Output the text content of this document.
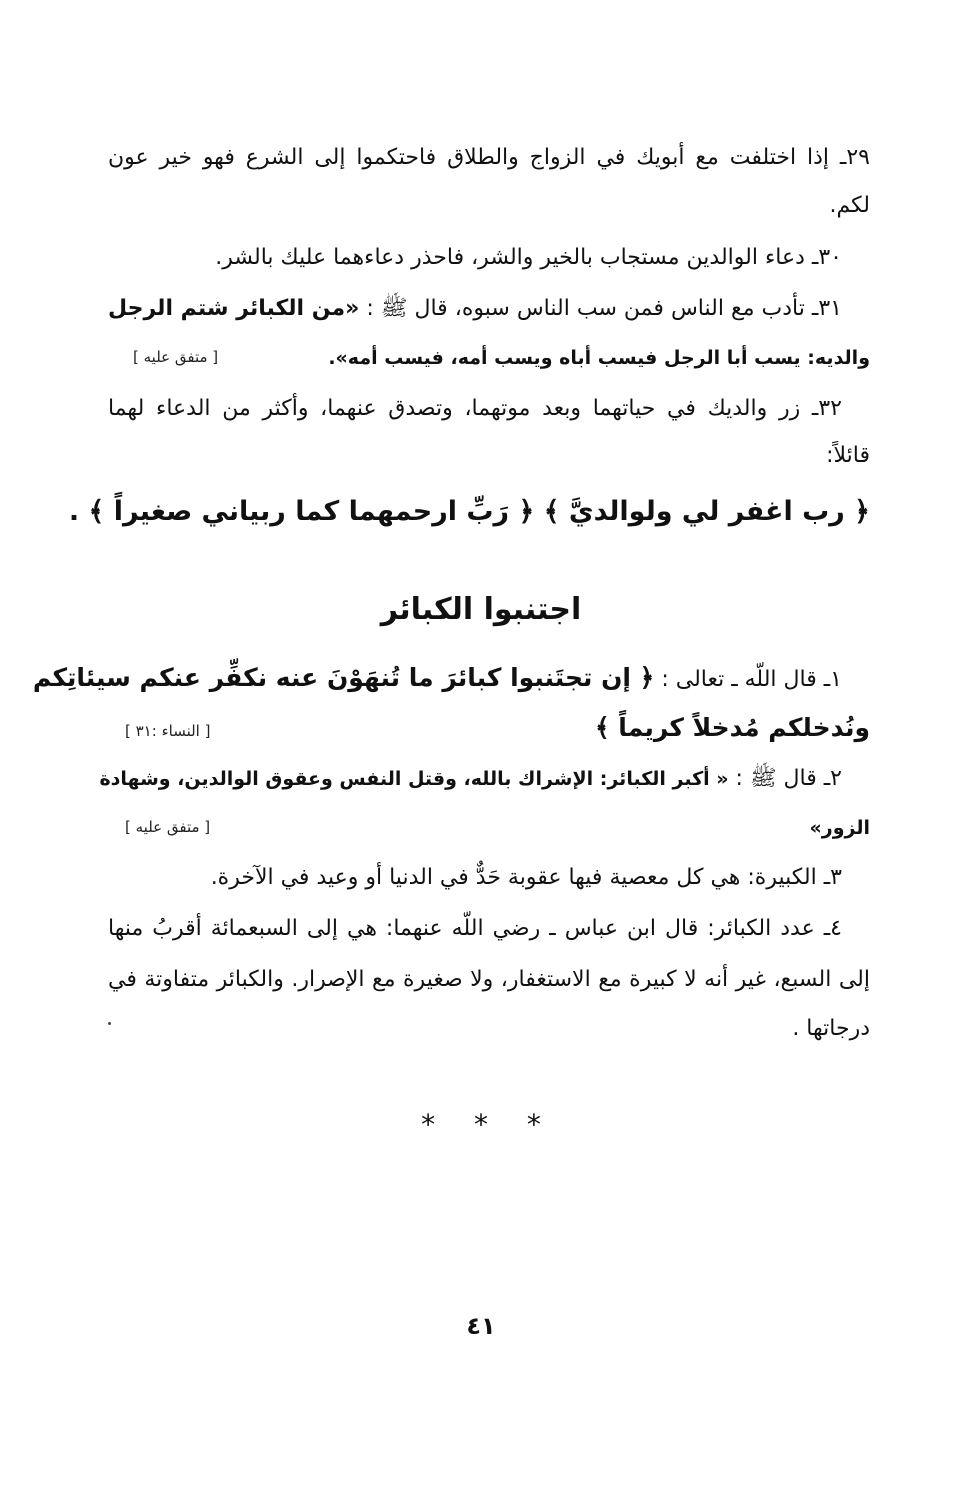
٢٩ـ إذا اختلفت مع أبويك في الزواج والطلاق فاحتكموا إلى الشرع فهو خير عون
لكم.
٣٠ـ دعاء الوالدين مستجاب بالخير والشر، فاحذر دعاءهما عليك بالشر.
٣١ـ تأدب مع الناس فمن سب الناس سبوه، قال ﷺ : «من الكبائر شتم الرجل
والديه: يسب أبا الرجل فيسب أباه ويسب أمه، فيسب أمه».
[ متفق عليه ]
٣٢ـ زر والديك في حياتهما وبعد موتهما، وتصدق عنهما، وأكثر من الدعاء لهما
قائلاً:
﴿ رب اغفر لي ولوالديَّ ﴾ ﴿ رَبِّ ارحمهما كما ربياني صغيراً ﴾ .
اجتنبوا الكبائر
١ـ قال اللّه ـ تعالى : ﴿ إن تجتَنبوا كبائرَ ما تُنهَوْنَ عنه نكفِّر عنكم سيئاتِكم
ونُدخلكم مُدخلاً كريماً ﴾
[ النساء :٣١ ]
٢ـ قال ﷺ : « أكبر الكبائر: الإشراك بالله، وقتل النفس وعقوق الوالدين، وشهادة
الزور»
[ متفق عليه ]
٣ـ الكبيرة: هي كل معصية فيها عقوبة حَدٌّ في الدنيا أو وعيد في الآخرة.
٤ـ عدد الكبائر: قال ابن عباس ـ رضي اللّه عنهما: هي إلى السبعمائة أقربُ منها
إلى السبع، غير أنه لا كبيرة مع الاستغفار، ولا صغيرة مع الإصرار. والكبائر متفاوتة في
درجاتها .
* * *
٤١
